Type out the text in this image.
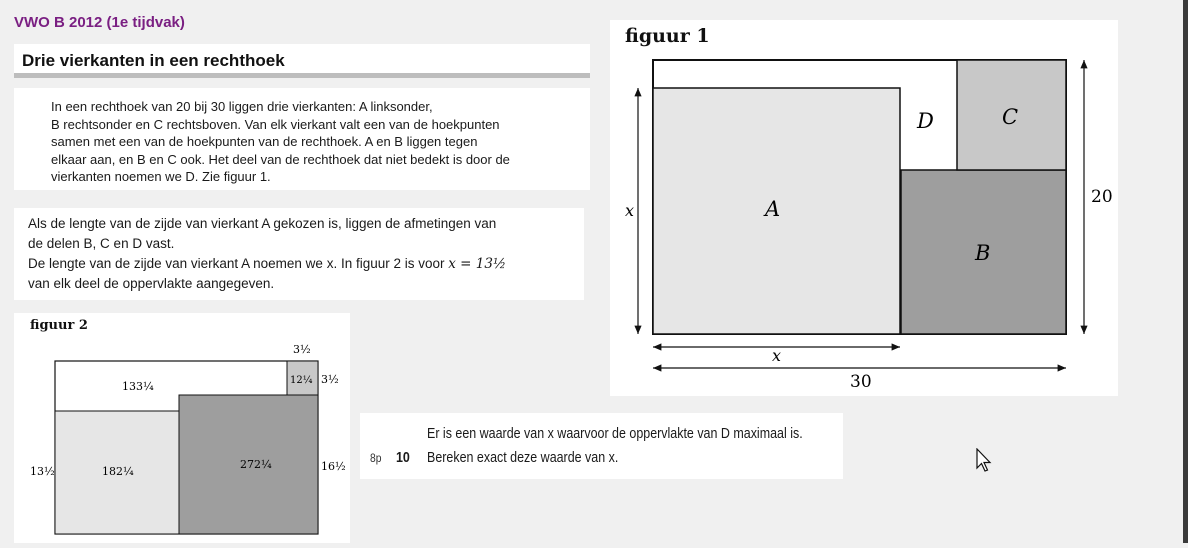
VWO B 2012 (1e tijdvak)
Drie vierkanten in een rechthoek
In een rechthoek van 20 bij 30 liggen drie vierkanten: A linksonder,
B rechtsonder en C rechtsboven. Van elk vierkant valt een van de hoekpunten
samen met een van de hoekpunten van de rechthoek. A en B liggen tegen
elkaar aan, en B en C ook. Het deel van de rechthoek dat niet bedekt is door de
vierkanten noemen we D. Zie figuur 1.
Als de lengte van de zijde van vierkant A gekozen is, liggen de afmetingen van
de delen B, C en D vast.
De lengte van de zijde van vierkant A noemen we x. In figuur 2 is voor x = 13½
van elk deel de oppervlakte aangegeven.
figuur 1
A
B
C
D
x
20
x
30
figuur 2
133¼	12¼
182¼
272¼
3½
3½
13½	16½
Er is een waarde van x waarvoor de oppervlakte van D maximaal is.
8p 10 Bereken exact deze waarde van x.
